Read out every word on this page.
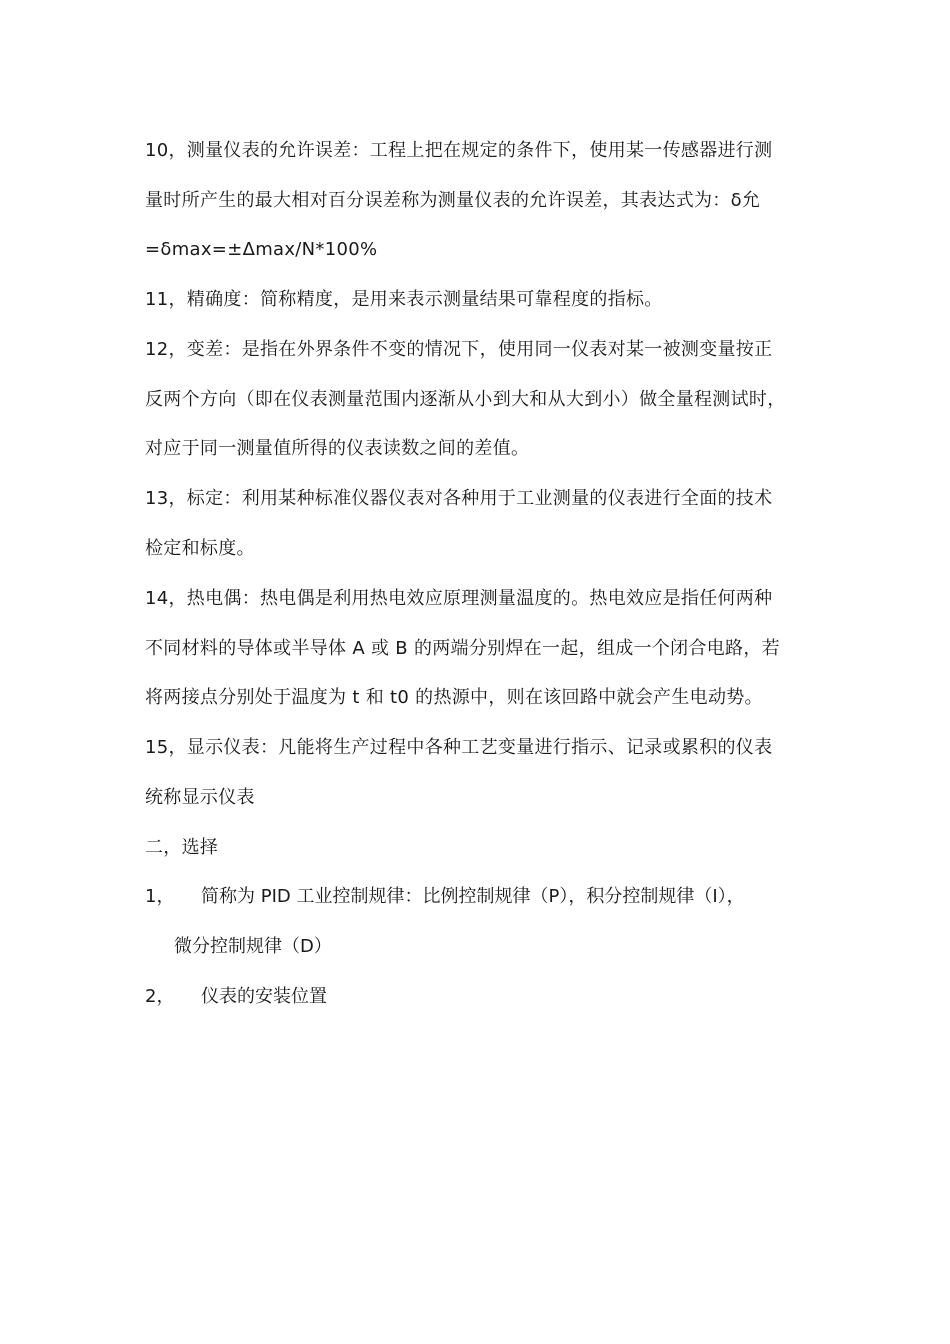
10，测量仪表的允许误差：工程上把在规定的条件下，使用某一传感器进行测
量时所产生的最大相对百分误差称为测量仪表的允许误差，其表达式为：δ允
=δmax=±Δmax/N*100%
11，精确度：简称精度，是用来表示测量结果可靠程度的指标。
12，变差：是指在外界条件不变的情况下，使用同一仪表对某一被测变量按正
反两个方向（即在仪表测量范围内逐渐从小到大和从大到小）做全量程测试时，
对应于同一测量值所得的仪表读数之间的差值。
13，标定：利用某种标准仪器仪表对各种用于工业测量的仪表进行全面的技术
检定和标度。
14，热电偶：热电偶是利用热电效应原理测量温度的。热电效应是指任何两种
不同材料的导体或半导体 A 或 B 的两端分别焊在一起，组成一个闭合电路，若
将两接点分别处于温度为 t 和 t0 的热源中，则在该回路中就会产生电动势。
15，显示仪表：凡能将生产过程中各种工艺变量进行指示、记录或累积的仪表
统称显示仪表
二，选择
1， 简称为 PID 工业控制规律：比例控制规律（P），积分控制规律（I），
微分控制规律（D）
2， 仪表的安装位置
